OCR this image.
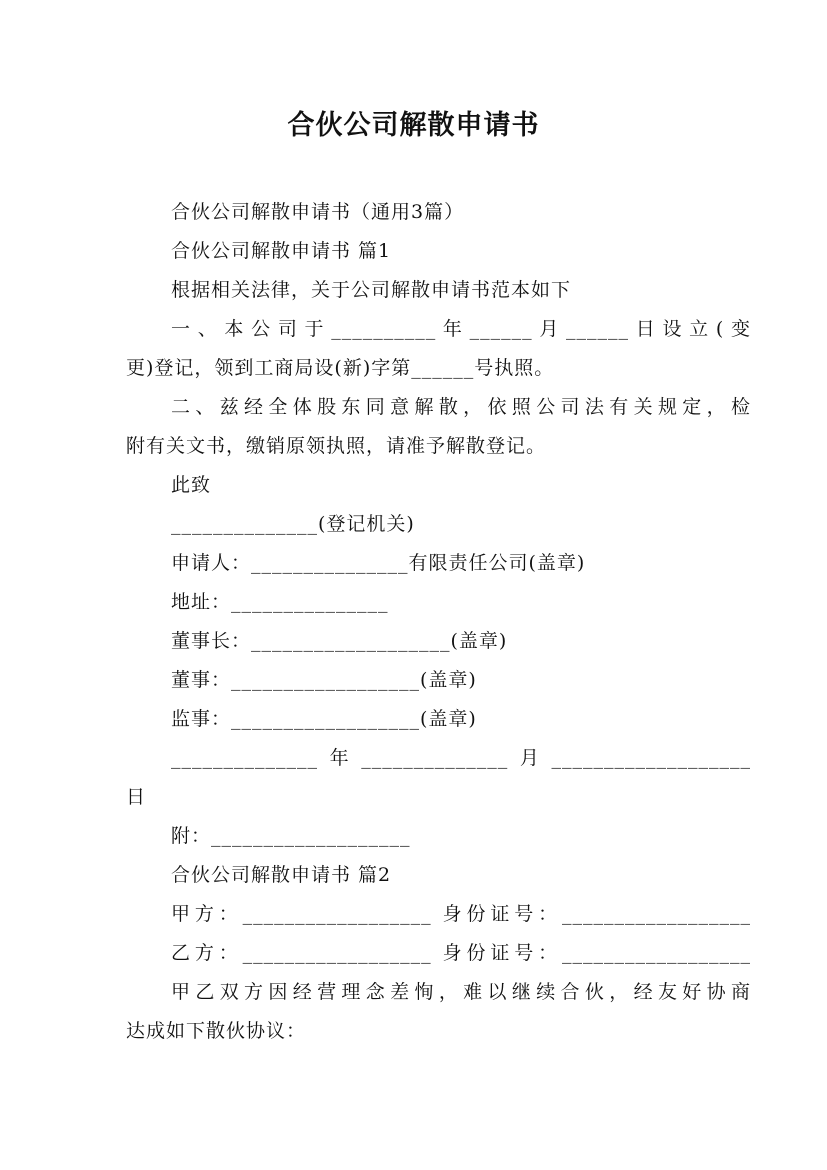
合伙公司解散申请书
合伙公司解散申请书（通用3篇）
合伙公司解散申请书 篇1
根据相关法律，关于公司解散申请书范本如下
一、本公司于__________年______月______日设立(变
更)登记，领到工商局设(新)字第______号执照。
二、兹经全体股东同意解散，依照公司法有关规定，检
附有关文书，缴销原领执照，请准予解散登记。
此致
______________(登记机关)
申请人：_______________有限责任公司(盖章)
地址：_______________
董事长：___________________(盖章)
董事：__________________(盖章)
监事：__________________(盖章)
______________年______________月___________________
日
附：___________________
合伙公司解散申请书 篇2
甲方：__________________ 身份证号：__________________
乙方：__________________ 身份证号：__________________
甲乙双方因经营理念差恂，难以继续合伙，经友好协商
达成如下散伙协议：
